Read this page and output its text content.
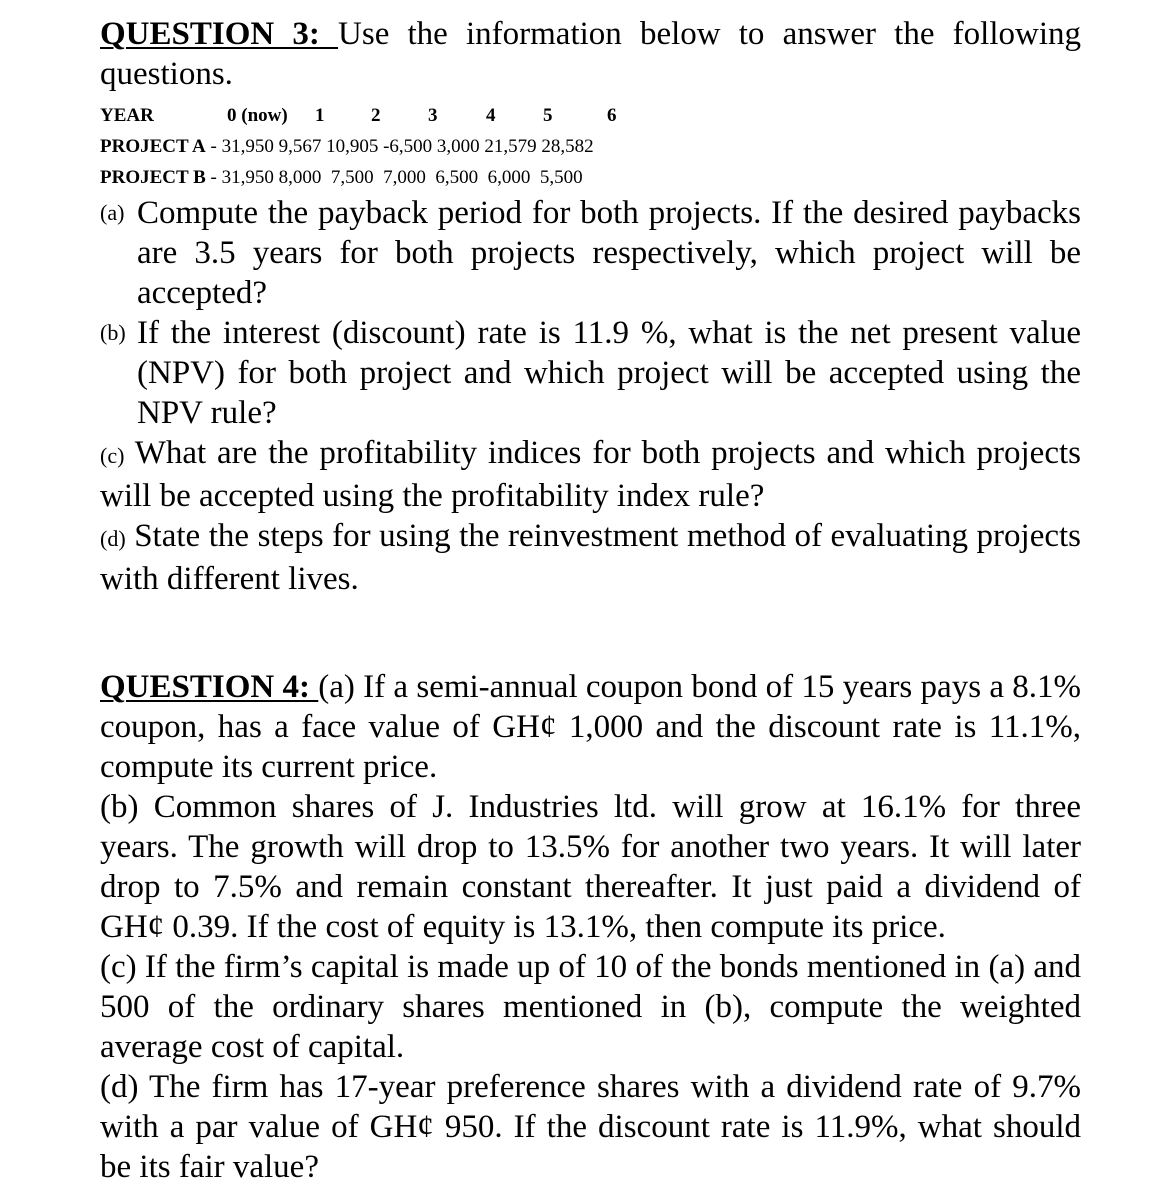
QUESTION 3: Use the information below to answer the following questions.

YEAR	0 (now) 1 2	3	4	5	6
PROJECT A - 31,950 9,567 10,905 -6,500 3,000 21,579 28,582
PROJECT B - 31,950 8,000  7,500  7,000  6,500  6,000  5,500
(a) Compute the payback period for both projects. If the desired paybacks are 3.5 years for both projects respectively, which project will be accepted?
(b) If the interest (discount) rate is 11.9 %, what is the net present value (NPV) for both project and which project will be accepted using the NPV rule?

(c) What are the profitability indices for both projects and which projects will be accepted using the profitability index rule?

(d) State the steps for using the reinvestment method of evaluating projects with different lives.

QUESTION 4: (a) If a semi-annual coupon bond of 15 years pays a 8.1% coupon, has a face value of GH¢ 1,000 and the discount rate is 11.1%, compute its current price.

(b) Common shares of J. Industries ltd. will grow at 16.1% for three years. The growth will drop to 13.5% for another two years. It will later drop to 7.5% and remain constant thereafter. It just paid a dividend of GH¢ 0.39. If the cost of equity is 13.1%, then compute its price.

(c) If the firm’s capital is made up of 10 of the bonds mentioned in (a) and 500 of the ordinary shares mentioned in (b), compute the weighted average cost of capital.

(d) The firm has 17-year preference shares with a dividend rate of 9.7% with a par value of GH¢ 950. If the discount rate is 11.9%, what should be its fair value?
